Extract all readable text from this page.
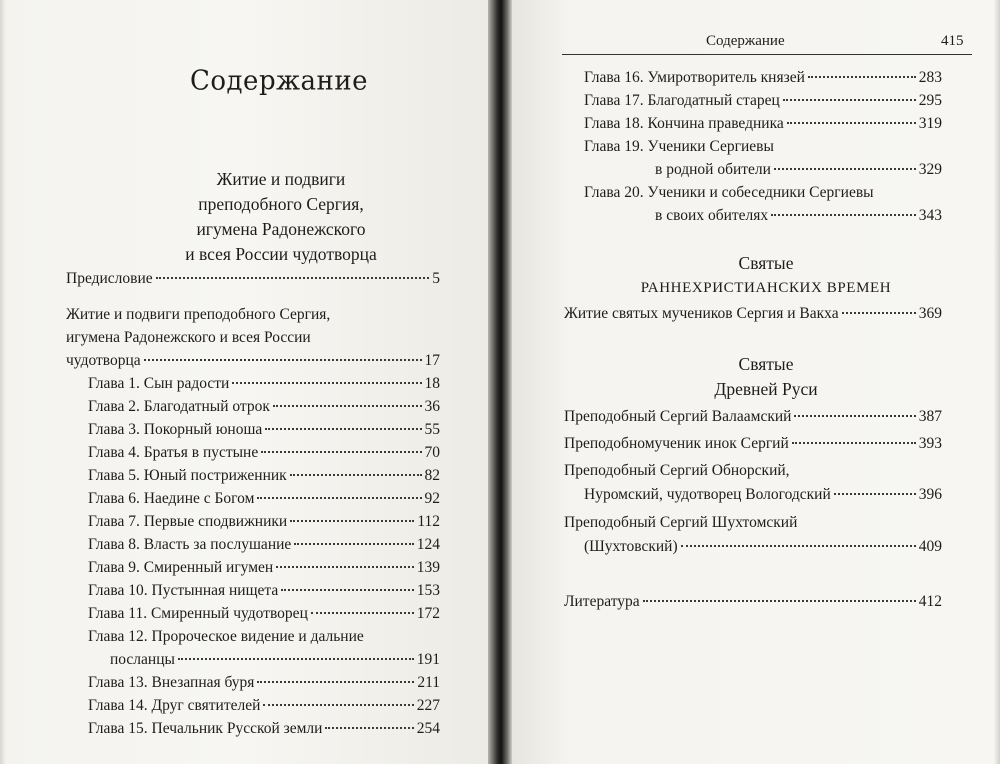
Содержание
Житие и подвиги
преподобного Сергия,
игумена Радонежского
и всея России чудотворца
Предисловие	5
Житие и подвиги преподобного Сергия,
игумена Радонежского и всея России
чудотворца	17
Глава 1. Сын радости	18
Глава 2. Благодатный отрок	36
Глава 3. Покорный юноша	55
Глава 4. Братья в пустыне	70
Глава 5. Юный постриженник	82
Глава 6. Наедине с Богом	92
Глава 7. Первые сподвижники	112
Глава 8. Власть за послушание	124
Глава 9. Смиренный игумен	139
Глава 10. Пустынная нищета	153
Глава 11. Смиренный чудотворец	172
Глава 12. Пророческое видение и дальние
посланцы	191
Глава 13. Внезапная буря	211
Глава 14. Друг святителей	227
Глава 15. Печальник Русской земли	254
Содержание	415
Глава 16. Умиротворитель князей	283
Глава 17. Благодатный старец	295
Глава 18. Кончина праведника	319
Глава 19. Ученики Сергиевы
в родной обители	329
Глава 20. Ученики и собеседники Сергиевы
в своих обителях	343
Святые
РАННЕХРИСТИАНСКИХ ВРЕМЕН
Житие святых мучеников Сергия и Вакха	369
Святые
Древней Руси
Преподобный Сергий Валаамский	387
Преподобномученик инок Сергий	393
Преподобный Сергий Обнорский,
Нуромский, чудотворец Вологодский	396
Преподобный Сергий Шухтомский
(Шухтовский)	409
Литература	412
